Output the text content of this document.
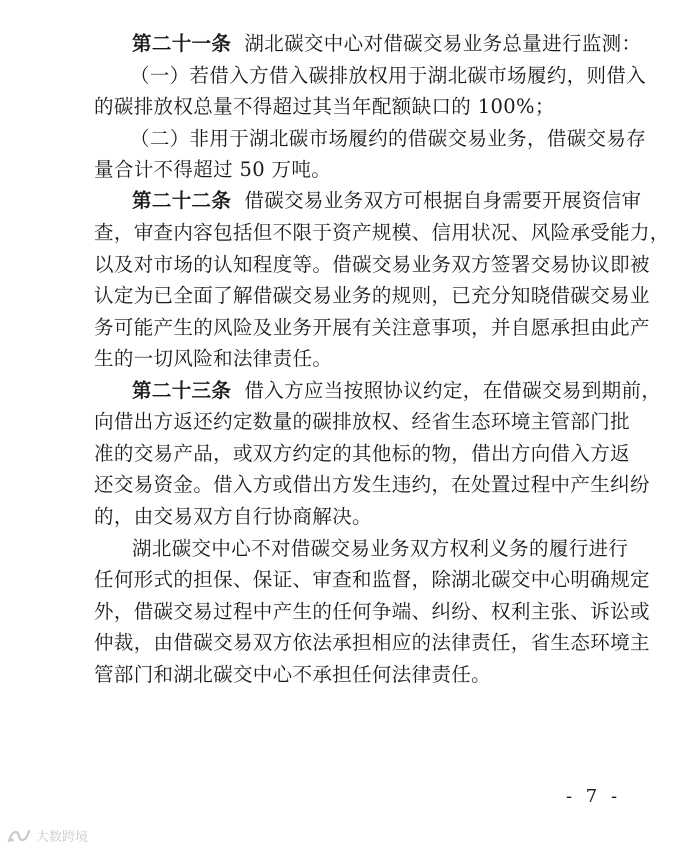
第二十一条 湖北碳交中心对借碳交易业务总量进行监测：
（一）若借入方借入碳排放权用于湖北碳市场履约，则借入
的碳排放权总量不得超过其当年配额缺口的 100%；
（二）非用于湖北碳市场履约的借碳交易业务，借碳交易存
量合计不得超过 50 万吨。
第二十二条 借碳交易业务双方可根据自身需要开展资信审
查，审查内容包括但不限于资产规模、信用状况、风险承受能力，
以及对市场的认知程度等。借碳交易业务双方签署交易协议即被
认定为已全面了解借碳交易业务的规则，已充分知晓借碳交易业
务可能产生的风险及业务开展有关注意事项，并自愿承担由此产
生的一切风险和法律责任。
第二十三条 借入方应当按照协议约定，在借碳交易到期前，
向借出方返还约定数量的碳排放权、经省生态环境主管部门批
准的交易产品，或双方约定的其他标的物，借出方向借入方返
还交易资金。借入方或借出方发生违约，在处置过程中产生纠纷
的，由交易双方自行协商解决。
湖北碳交中心不对借碳交易业务双方权利义务的履行进行
任何形式的担保、保证、审查和监督，除湖北碳交中心明确规定
外，借碳交易过程中产生的任何争端、纠纷、权利主张、诉讼或
仲裁，由借碳交易双方依法承担相应的法律责任，省生态环境主
管部门和湖北碳交中心不承担任何法律责任。
- 7 -
大数跨境
